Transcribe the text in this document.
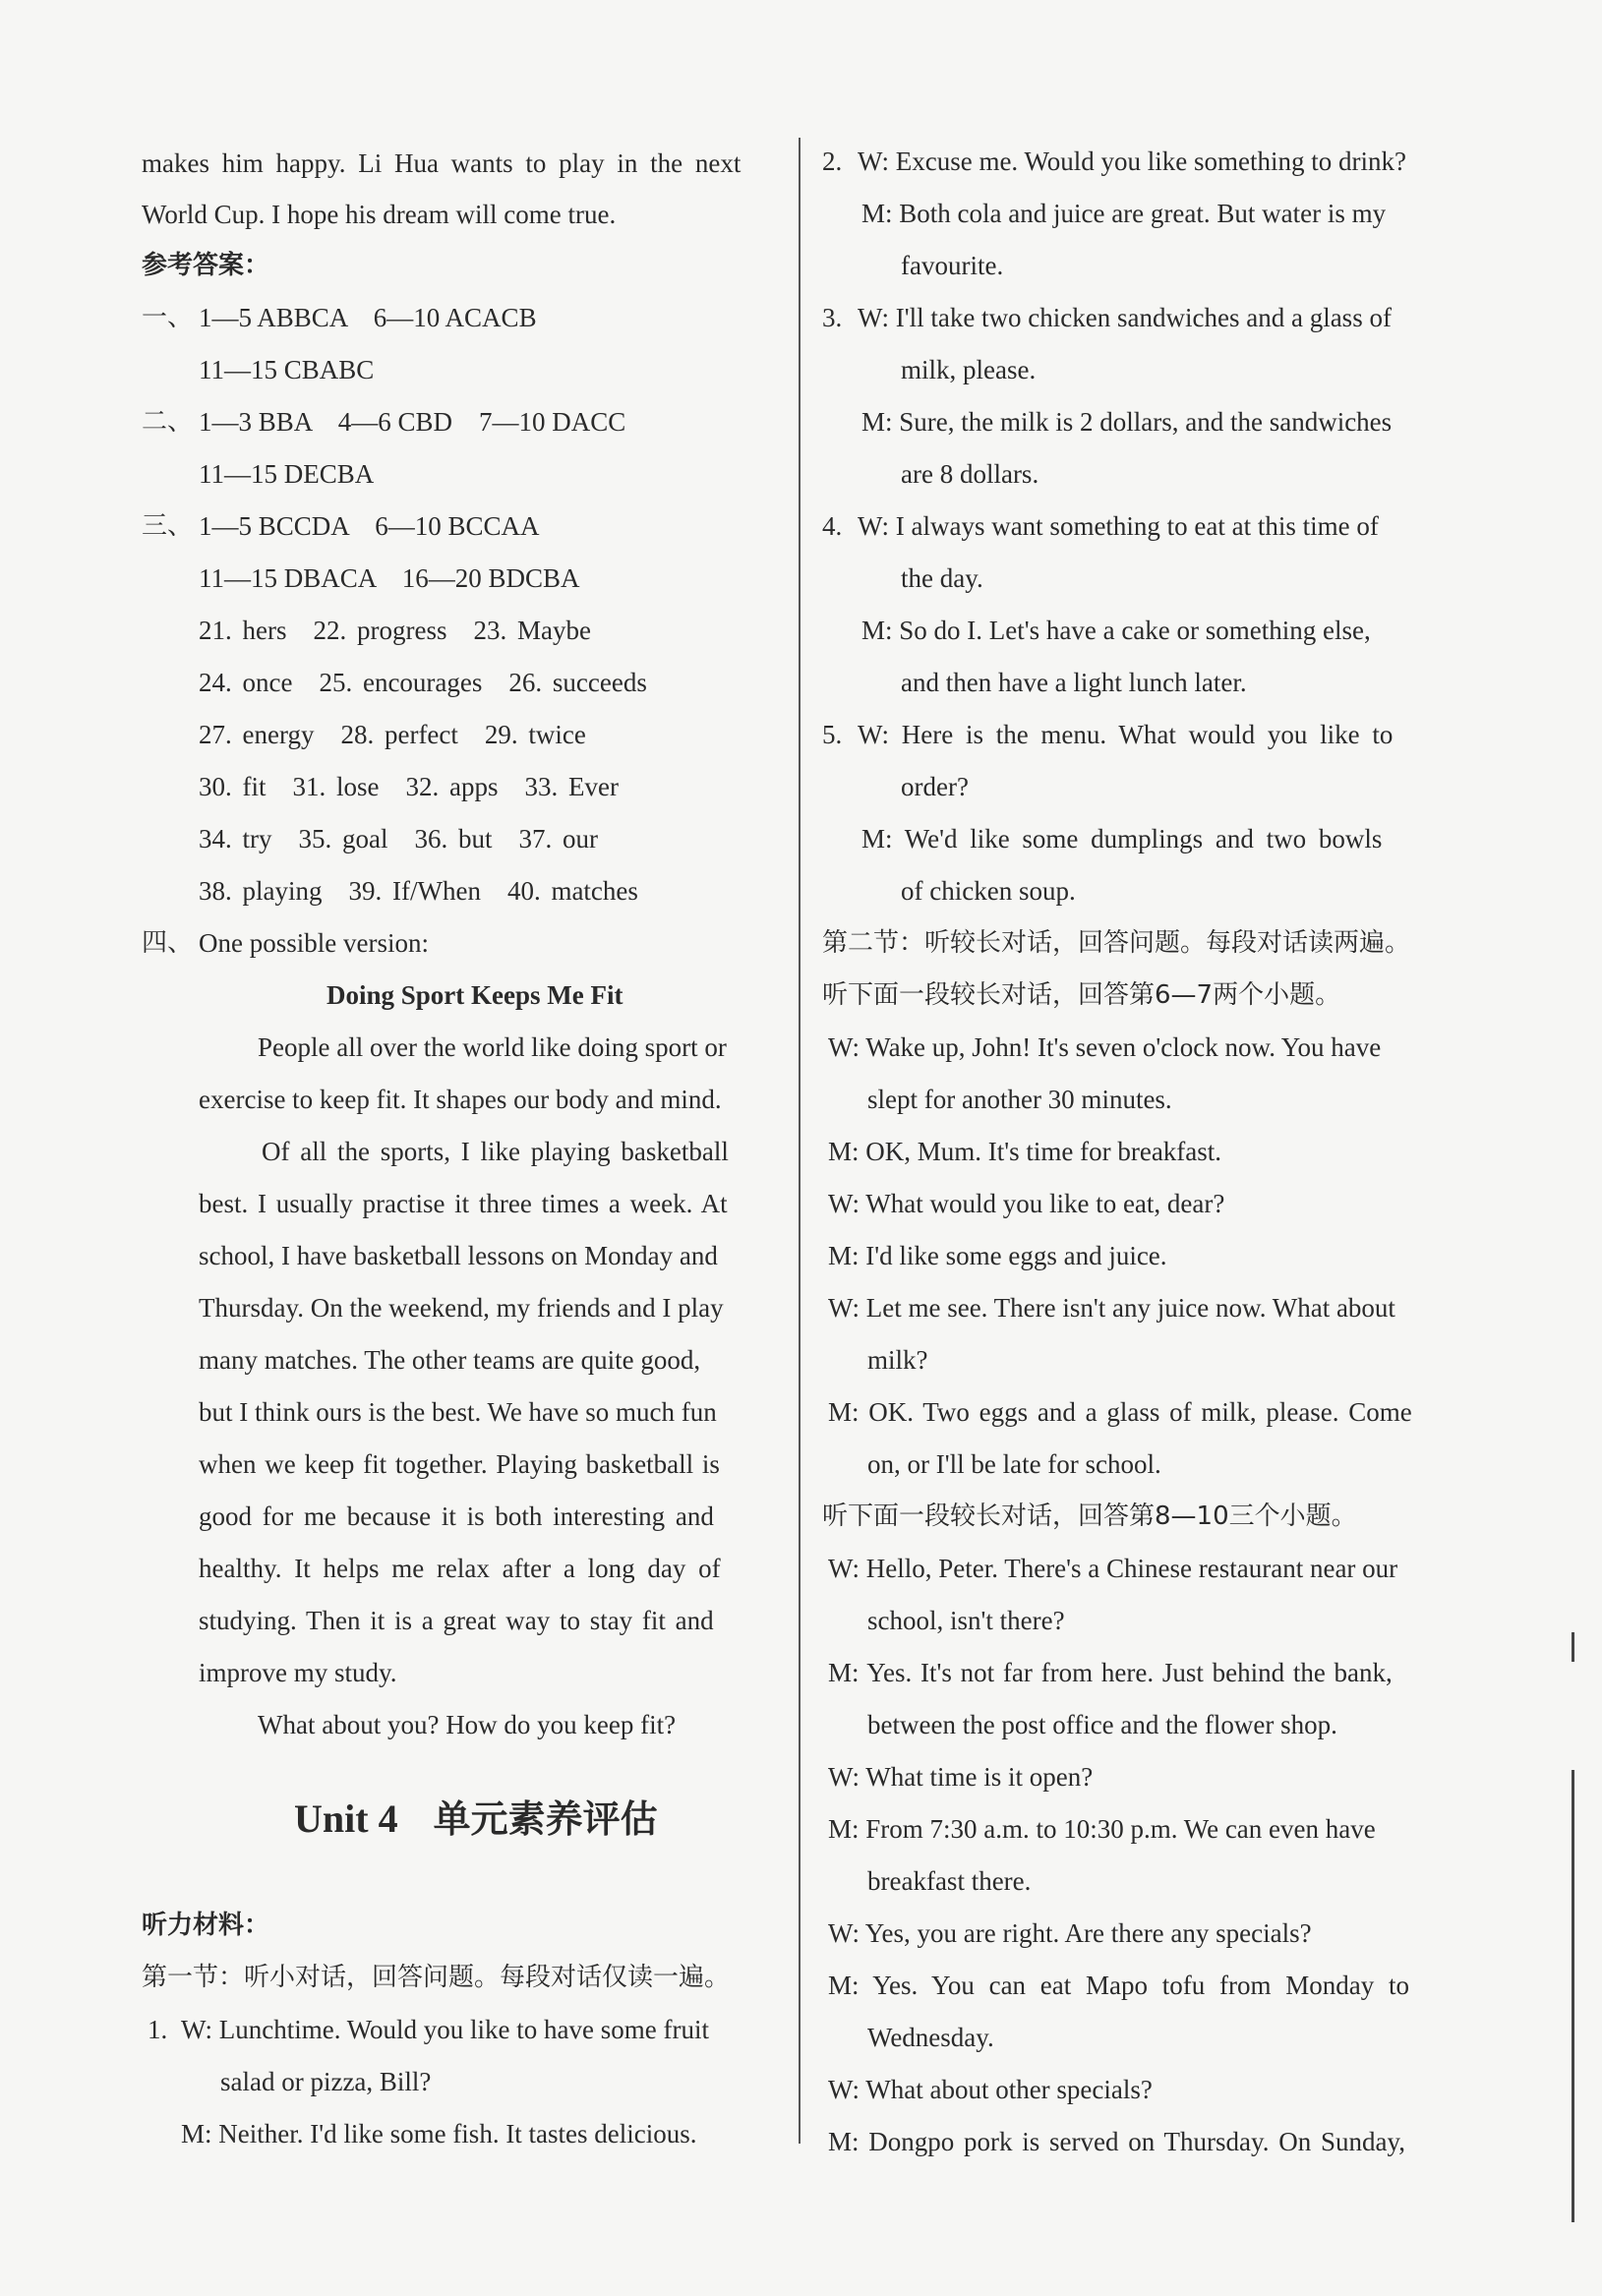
makes him happy. Li Hua wants to play in the next
World Cup. I hope his dream will come true.
参考答案：
一、 1—5 ABBCA　6—10 ACACB
11—15 CBABC
二、 1—3 BBA　4—6 CBD　7—10 DACC
11—15 DECBA
三、 1—5 BCCDA　6—10 BCCAA
11—15 DBACA　16—20 BDCBA
21. hers　22. progress　23. Maybe
24. once　25. encourages　26. succeeds
27. energy　28. perfect　29. twice
30. fit　31. lose　32. apps　33. Ever
34. try　35. goal　36. but　37. our
38. playing　39. If/When　40. matches
四、 One possible version:
Doing Sport Keeps Me Fit
People all over the world like doing sport or
exercise to keep fit. It shapes our body and mind.
Of all the sports, I like playing basketball
best. I usually practise it three times a week. At
school, I have basketball lessons on Monday and
Thursday. On the weekend, my friends and I play
many matches. The other teams are quite good,
but I think ours is the best. We have so much fun
when we keep fit together. Playing basketball is
good for me because it is both interesting and
healthy. It helps me relax after a long day of
studying. Then it is a great way to stay fit and
improve my study.
What about you? How do you keep fit?
Unit 4 单元素养评估
听力材料：
第一节：听小对话，回答问题。每段对话仅读一遍。
1. W: Lunchtime. Would you like to have some fruit
salad or pizza, Bill?
M: Neither. I'd like some fish. It tastes delicious.
2. W: Excuse me. Would you like something to drink?
M: Both cola and juice are great. But water is my
favourite.
3. W: I'll take two chicken sandwiches and a glass of
milk, please.
M: Sure, the milk is 2 dollars, and the sandwiches
are 8 dollars.
4. W: I always want something to eat at this time of
the day.
M: So do I. Let's have a cake or something else,
and then have a light lunch later.
5. W: Here is the menu. What would you like to
order?
M: We'd like some dumplings and two bowls
of chicken soup.
第二节：听较长对话，回答问题。每段对话读两遍。
听下面一段较长对话，回答第6—7两个小题。
W: Wake up, John! It's seven o'clock now. You have
slept for another 30 minutes.
M: OK, Mum. It's time for breakfast.
W: What would you like to eat, dear?
M: I'd like some eggs and juice.
W: Let me see. There isn't any juice now. What about
milk?
M: OK. Two eggs and a glass of milk, please. Come
on, or I'll be late for school.
听下面一段较长对话，回答第8—10三个小题。
W: Hello, Peter. There's a Chinese restaurant near our
school, isn't there?
M: Yes. It's not far from here. Just behind the bank,
between the post office and the flower shop.
W: What time is it open?
M: From 7:30 a.m. to 10:30 p.m. We can even have
breakfast there.
W: Yes, you are right. Are there any specials?
M: Yes. You can eat Mapo tofu from Monday to
Wednesday.
W: What about other specials?
M: Dongpo pork is served on Thursday. On Sunday,
